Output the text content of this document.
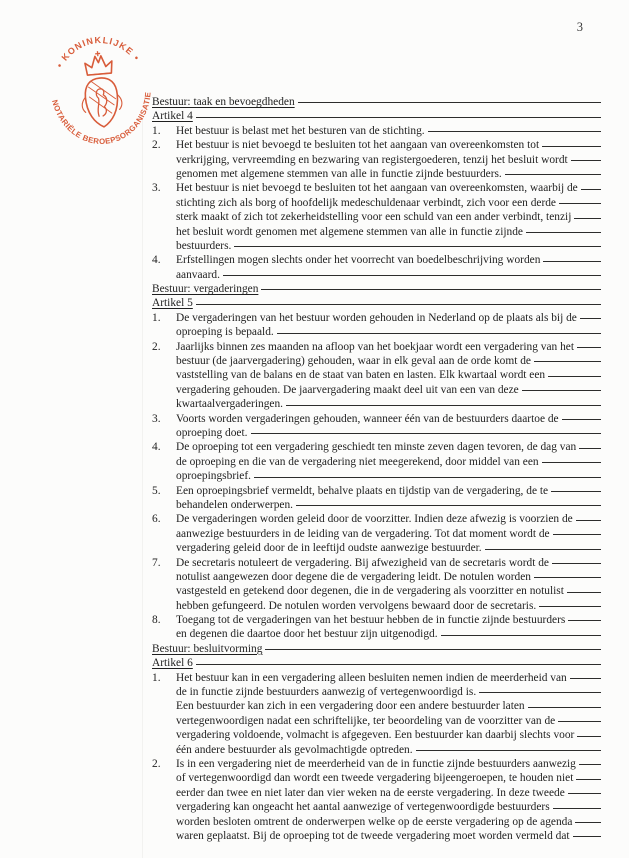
3
• KONINKLIJKE •
NOTARIËLE BEROEPSORGANISATIE
Bestuur: taak en bevoegdheden
Artikel 4
1.	Het bestuur is belast met het besturen van de stichting.
2.	Het bestuur is niet bevoegd te besluiten tot het aangaan van overeenkomsten tot
verkrijging, vervreemding en bezwaring van registergoederen, tenzij het besluit wordt
genomen met algemene stemmen van alle in functie zijnde bestuurders.
3.	Het bestuur is niet bevoegd te besluiten tot het aangaan van overeenkomsten, waarbij de
stichting zich als borg of hoofdelijk medeschuldenaar verbindt, zich voor een derde
sterk maakt of zich tot zekerheidstelling voor een schuld van een ander verbindt, tenzij
het besluit wordt genomen met algemene stemmen van alle in functie zijnde
bestuurders.
4.	Erfstellingen mogen slechts onder het voorrecht van boedelbeschrijving worden
aanvaard.
Bestuur: vergaderingen
Artikel 5
1.	De vergaderingen van het bestuur worden gehouden in Nederland op de plaats als bij de
oproeping is bepaald.
2.	Jaarlijks binnen zes maanden na afloop van het boekjaar wordt een vergadering van het
bestuur (de jaarvergadering) gehouden, waar in elk geval aan de orde komt de
vaststelling van de balans en de staat van baten en lasten. Elk kwartaal wordt een
vergadering gehouden. De jaarvergadering maakt deel uit van een van deze
kwartaalvergaderingen.
3.	Voorts worden vergaderingen gehouden, wanneer één van de bestuurders daartoe de
oproeping doet.
4.	De oproeping tot een vergadering geschiedt ten minste zeven dagen tevoren, de dag van
de oproeping en die van de vergadering niet meegerekend, door middel van een
oproepingsbrief.
5.	Een oproepingsbrief vermeldt, behalve plaats en tijdstip van de vergadering, de te
behandelen onderwerpen.
6.	De vergaderingen worden geleid door de voorzitter. Indien deze afwezig is voorzien de
aanwezige bestuurders in de leiding van de vergadering. Tot dat moment wordt de
vergadering geleid door de in leeftijd oudste aanwezige bestuurder.
7.	De secretaris notuleert de vergadering. Bij afwezigheid van de secretaris wordt de
notulist aangewezen door degene die de vergadering leidt. De notulen worden
vastgesteld en getekend door degenen, die in de vergadering als voorzitter en notulist
hebben gefungeerd. De notulen worden vervolgens bewaard door de secretaris.
8.	Toegang tot de vergaderingen van het bestuur hebben de in functie zijnde bestuurders
en degenen die daartoe door het bestuur zijn uitgenodigd.
Bestuur: besluitvorming
Artikel 6
1.	Het bestuur kan in een vergadering alleen besluiten nemen indien de meerderheid van
de in functie zijnde bestuurders aanwezig of vertegenwoordigd is.
Een bestuurder kan zich in een vergadering door een andere bestuurder laten
vertegenwoordigen nadat een schriftelijke, ter beoordeling van de voorzitter van de
vergadering voldoende, volmacht is afgegeven. Een bestuurder kan daarbij slechts voor
één andere bestuurder als gevolmachtigde optreden.
2.	Is in een vergadering niet de meerderheid van de in functie zijnde bestuurders aanwezig
of vertegenwoordigd dan wordt een tweede vergadering bijeengeroepen, te houden niet
eerder dan twee en niet later dan vier weken na de eerste vergadering. In deze tweede
vergadering kan ongeacht het aantal aanwezige of vertegenwoordigde bestuurders
worden besloten omtrent de onderwerpen welke op de eerste vergadering op de agenda
waren geplaatst. Bij de oproeping tot de tweede vergadering moet worden vermeld dat
